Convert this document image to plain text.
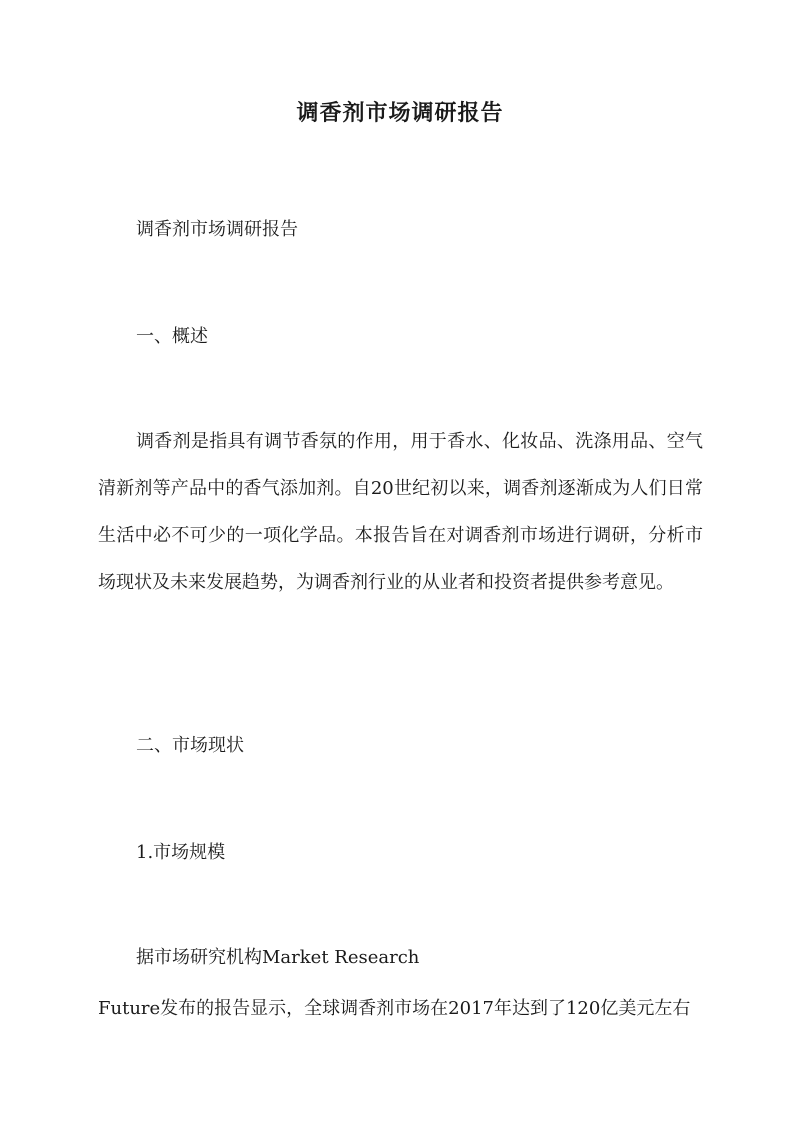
调香剂市场调研报告

调香剂市场调研报告

一、概述

调香剂是指具有调节香氛的作用，用于香水、化妆品、洗涤用品、空气清新剂等产品中的香气添加剂。自20世纪初以来，调香剂逐渐成为人们日常生活中必不可少的一项化学品。本报告旨在对调香剂市场进行调研，分析市场现状及未来发展趋势，为调香剂行业的从业者和投资者提供参考意见。

二、市场现状

1.市场规模

据市场研究机构Market Research

Future发布的报告显示，全球调香剂市场在2017年达到了120亿美元左右
